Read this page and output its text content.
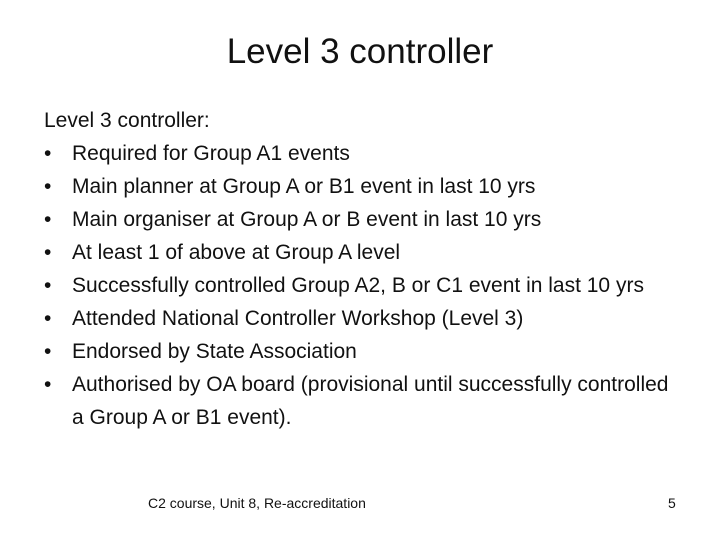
Level 3 controller

Level 3 controller:

• Required for Group A1 events
• Main planner at Group A or B1 event in last 10 yrs
• Main organiser at Group A or B event in last 10 yrs
• At least 1 of above at Group A level
• Successfully controlled Group A2, B or C1 event in last 10 yrs
• Attended National Controller Workshop (Level 3)
• Endorsed by State Association
• Authorised by OA board (provisional until successfully controlled a Group A or B1 event).
C2 course, Unit 8, Re-accreditation	5
